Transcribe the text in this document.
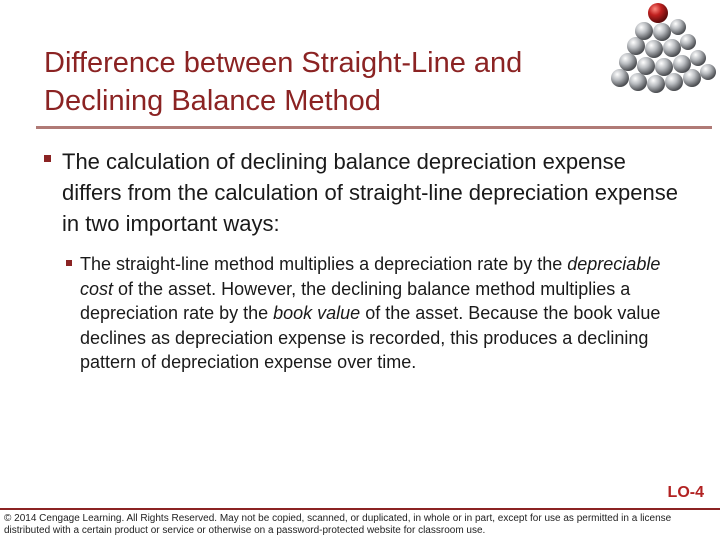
Difference between Straight-Line and
Declining Balance Method
The calculation of declining balance depreciation expense differs from the calculation of straight-line depreciation expense in two important ways:
The straight-line method multiplies a depreciation rate by the depreciable cost of the asset. However, the declining balance method multiplies a depreciation rate by the book value of the asset. Because the book value declines as depreciation expense is recorded, this produces a declining pattern of depreciation expense over time.
LO-4
© 2014 Cengage Learning. All Rights Reserved. May not be copied, scanned, or duplicated, in whole or in part, except for use as permitted in a license distributed with a certain product or service or otherwise on a password-protected website for classroom use.
